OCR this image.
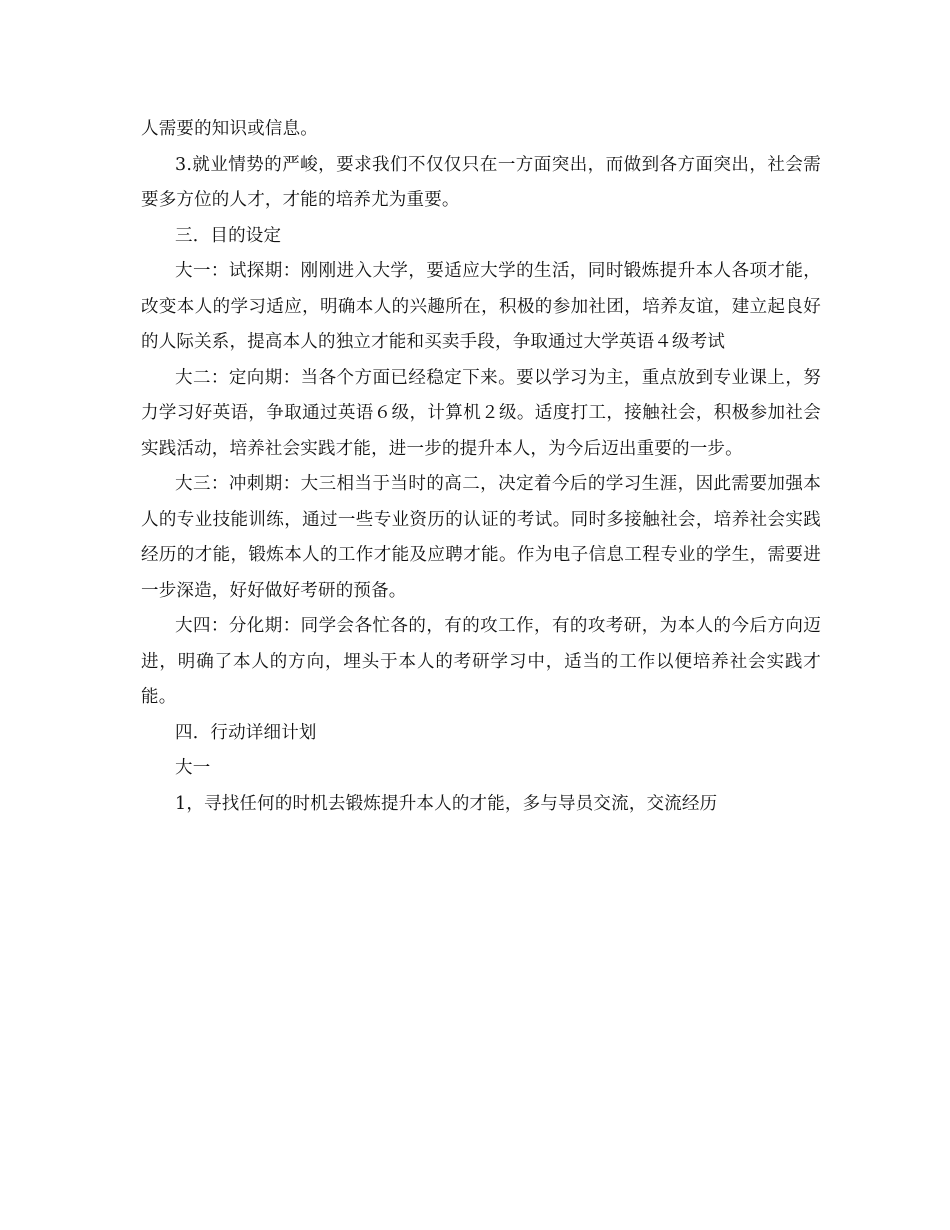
人需要的知识或信息。

3.就业情势的严峻，要求我们不仅仅只在一方面突出，而做到各方面突出，社会需要多方位的人才，才能的培养尤为重要。

三．目的设定

大一：试探期：刚刚进入大学，要适应大学的生活，同时锻炼提升本人各项才能，改变本人的学习适应，明确本人的兴趣所在，积极的参加社团，培养友谊，建立起良好的人际关系，提高本人的独立才能和买卖手段，争取通过大学英语４级考试

大二：定向期：当各个方面已经稳定下来。要以学习为主，重点放到专业课上，努力学习好英语，争取通过英语６级，计算机２级。适度打工，接触社会，积极参加社会实践活动，培养社会实践才能，进一步的提升本人，为今后迈出重要的一步。

大三：冲刺期：大三相当于当时的高二，决定着今后的学习生涯，因此需要加强本人的专业技能训练，通过一些专业资历的认证的考试。同时多接触社会，培养社会实践经历的才能，锻炼本人的工作才能及应聘才能。作为电子信息工程专业的学生，需要进一步深造，好好做好考研的预备。

大四：分化期：同学会各忙各的，有的攻工作，有的攻考研，为本人的今后方向迈进，明确了本人的方向，埋头于本人的考研学习中，适当的工作以便培养社会实践才能。

四．行动详细计划

大一

1，寻找任何的时机去锻炼提升本人的才能，多与导员交流，交流经历
